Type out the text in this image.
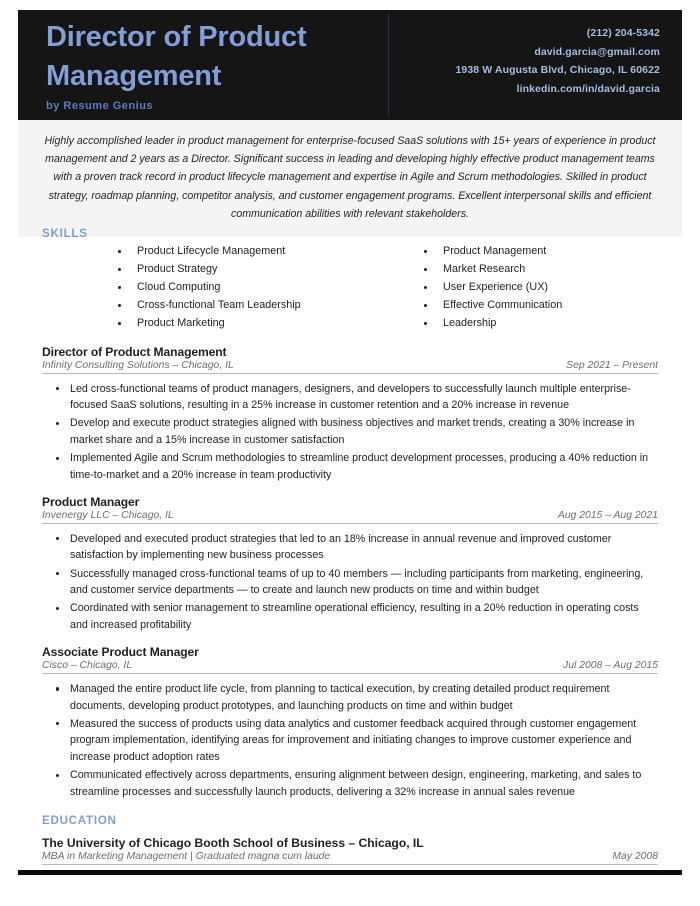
Director of Product Management
by Resume Genius
(212) 204-5342
david.garcia@gmail.com
1938 W Augusta Blvd, Chicago, IL 60622
linkedin.com/in/david.garcia

Highly accomplished leader in product management for enterprise-focused SaaS solutions with 15+ years of experience in product management and 2 years as a Director. Significant success in leading and developing highly effective product management teams with a proven track record in product lifecycle management and expertise in Agile and Scrum methodologies. Skilled in product strategy, roadmap planning, competitor analysis, and customer engagement programs. Excellent interpersonal skills and efficient communication abilities with relevant stakeholders.

SKILLS
Product Lifecycle Management
Product Strategy
Cloud Computing
Cross-functional Team Leadership
Product Marketing
Product Management
Market Research
User Experience (UX)
Effective Communication
Leadership
Director of Product Management
Infinity Consulting Solutions – Chicago, IL	Sep 2021 – Present
Led cross-functional teams of product managers, designers, and developers to successfully launch multiple enterprise-focused SaaS solutions, resulting in a 25% increase in customer retention and a 20% increase in revenue
Develop and execute product strategies aligned with business objectives and market trends, creating a 30% increase in market share and a 15% increase in customer satisfaction
Implemented Agile and Scrum methodologies to streamline product development processes, producing a 40% reduction in time-to-market and a 20% increase in team productivity
Product Manager
Invenergy LLC – Chicago, IL	Aug 2015 – Aug 2021
Developed and executed product strategies that led to an 18% increase in annual revenue and improved customer satisfaction by implementing new business processes
Successfully managed cross-functional teams of up to 40 members — including participants from marketing, engineering, and customer service departments — to create and launch new products on time and within budget
Coordinated with senior management to streamline operational efficiency, resulting in a 20% reduction in operating costs and increased profitability
Associate Product Manager
Cisco – Chicago, IL	Jul 2008 – Aug 2015
Managed the entire product life cycle, from planning to tactical execution, by creating detailed product requirement documents, developing product prototypes, and launching products on time and within budget
Measured the success of products using data analytics and customer feedback acquired through customer engagement program implementation, identifying areas for improvement and initiating changes to improve customer experience and increase product adoption rates
Communicated effectively across departments, ensuring alignment between design, engineering, marketing, and sales to streamline processes and successfully launch products, delivering a 32% increase in annual sales revenue
EDUCATION
The University of Chicago Booth School of Business – Chicago, IL
MBA in Marketing Management | Graduated magna cum laude	May 2008
